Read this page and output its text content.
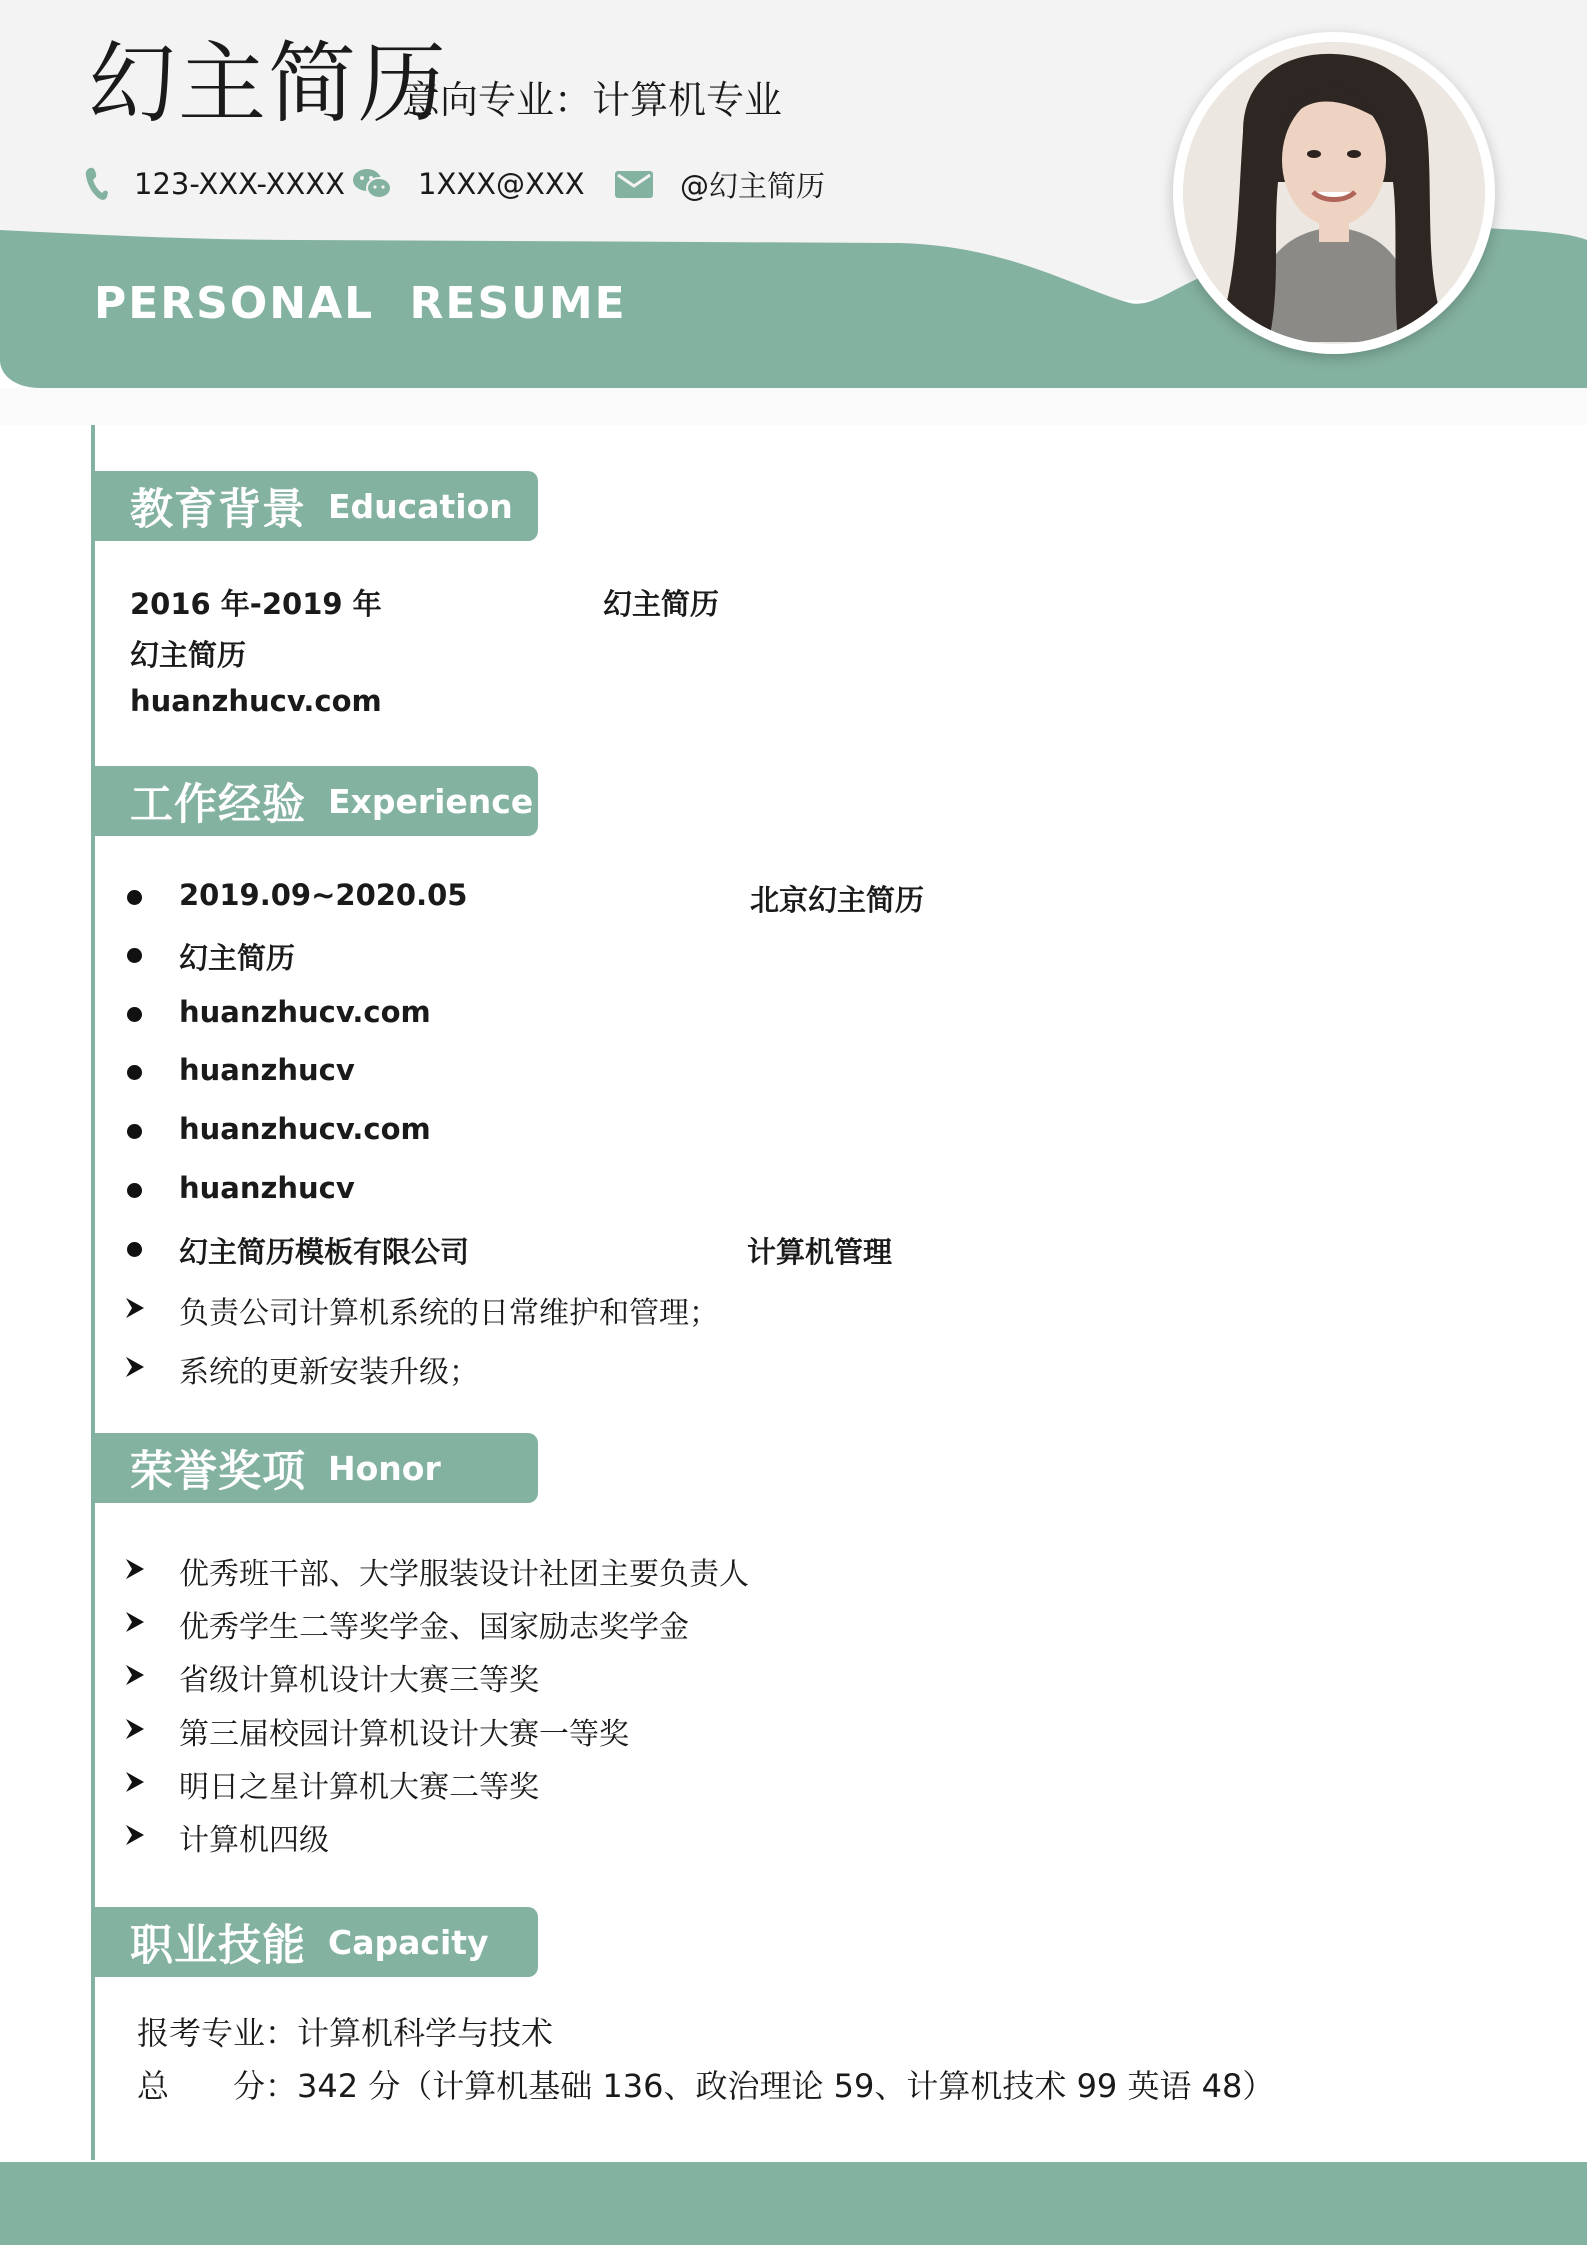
幻主简历
意向专业：计算机专业
123-XXX-XXXX	1XXX@XXX	@幻主简历
PERSONAL RESUME
教育背景 Education
2016 年-2019 年	幻主简历
幻主简历
huanzhucv.com
工作经验 Experience
2019.09~2020.05	北京幻主简历
幻主简历
huanzhucv.com
huanzhucv
huanzhucv.com
huanzhucv
幻主简历模板有限公司	计算机管理
负责公司计算机系统的日常维护和管理；
系统的更新安装升级；
荣誉奖项 Honor
优秀班干部、大学服装设计社团主要负责人
优秀学生二等奖学金、国家励志奖学金
省级计算机设计大赛三等奖
第三届校园计算机设计大赛一等奖
明日之星计算机大赛二等奖
计算机四级
职业技能 Capacity
报考专业：计算机科学与技术
总　　分：342 分（计算机基础 136、政治理论 59、计算机技术 99 英语 48）
